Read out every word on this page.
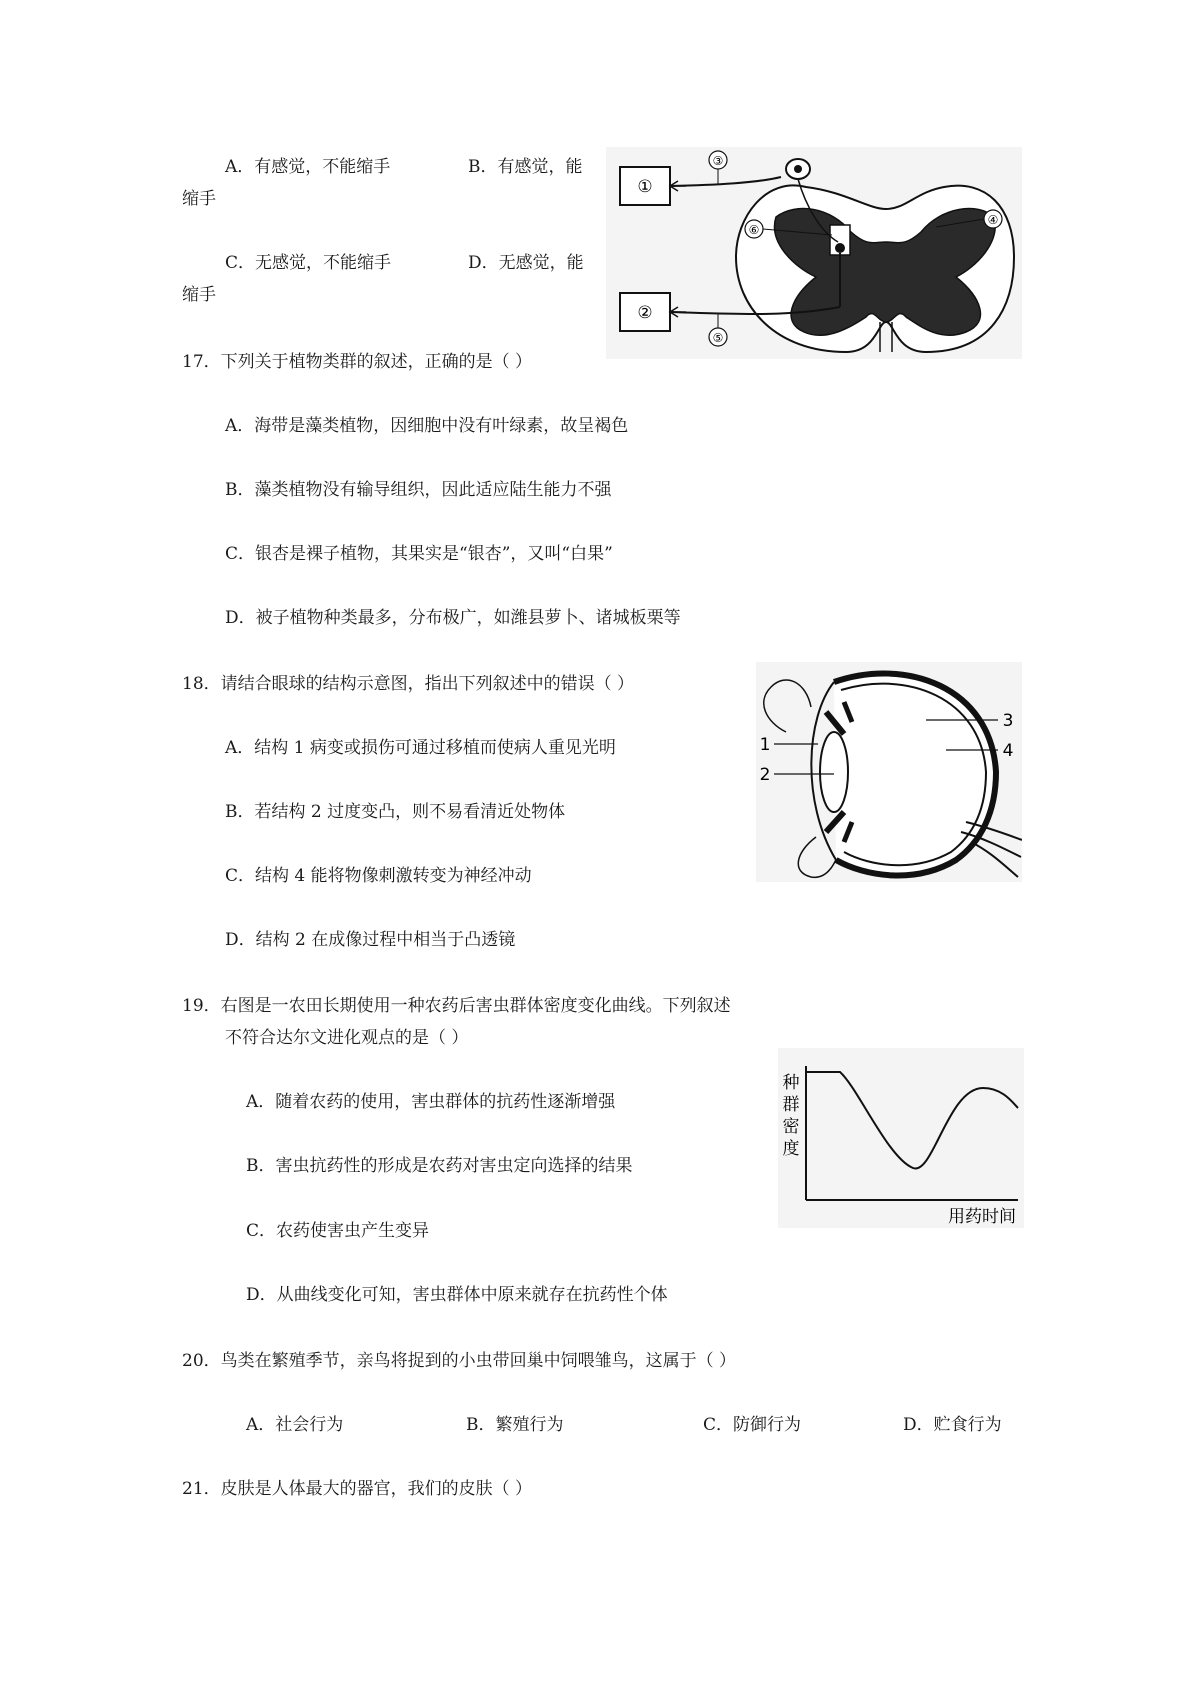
A．有感觉，不能缩手	B．有感觉，能
缩手
C．无感觉，不能缩手	D．无感觉，能
缩手
①
②
③
④
⑤
⑥
17．下列关于植物类群的叙述，正确的是（ ）
A．海带是藻类植物，因细胞中没有叶绿素，故呈褐色
B．藻类植物没有输导组织，因此适应陆生能力不强
C．银杏是裸子植物，其果实是“银杏”，又叫“白果”
D．被子植物种类最多，分布极广，如潍县萝卜、诸城板栗等
18．请结合眼球的结构示意图，指出下列叙述中的错误（ ）
A．结构 1 病变或损伤可通过移植而使病人重见光明
B．若结构 2 过度变凸，则不易看清近处物体
C．结构 4 能将物像刺激转变为神经冲动
D．结构 2 在成像过程中相当于凸透镜
1
2
3
4
19．右图是一农田长期使用一种农药后害虫群体密度变化曲线。下列叙述
不符合达尔文进化观点的是（ ）
A．随着农药的使用，害虫群体的抗药性逐渐增强
B．害虫抗药性的形成是农药对害虫定向选择的结果
C．农药使害虫产生变异
D．从曲线变化可知，害虫群体中原来就存在抗药性个体
种
群
密
度
用药时间
20．鸟类在繁殖季节，亲鸟将捉到的小虫带回巢中饲喂雏鸟，这属于（ ）
A．社会行为	B．繁殖行为	C．防御行为	D．贮食行为
21．皮肤是人体最大的器官，我们的皮肤（ ）
